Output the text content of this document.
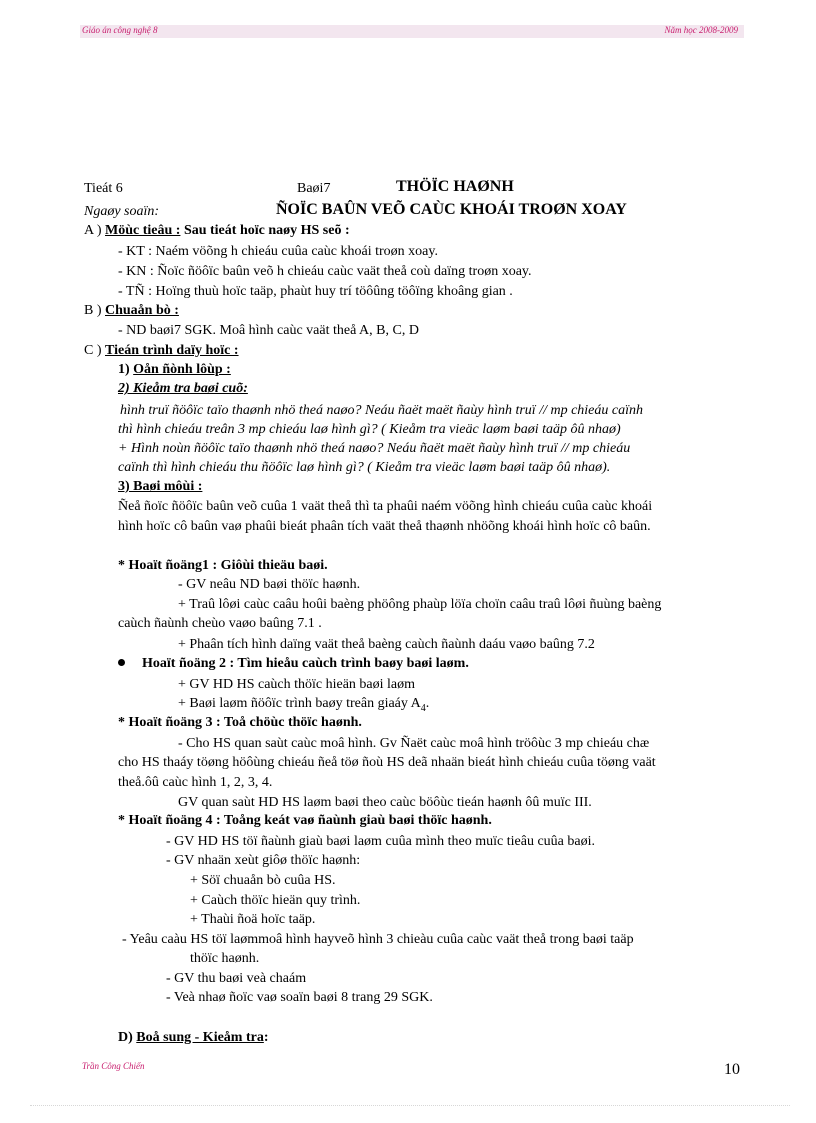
Giáo án công nghệ 8	Năm học 2008-2009
Tieát 6	Baøi7	THÖÏC HAØNH
Ngaøy soaïn:	ÑOÏC BAÛN VEÕ CAÙC KHOÁI TROØN XOAY
A ) Möùc tieâu : Sau tieát hoïc naøy HS seõ :
- KT : Naém vöõng h chieáu cuûa caùc khoái troøn xoay.
- KN : Ñoïc ñöôïc baûn veõ h chieáu caùc vaät theå coù daïng troøn xoay.
- TÑ : Hoïng thuù hoïc taäp, phaùt huy trí töôûng töôïng khoâng gian .
B ) Chuaån bò :
- ND baøi7 SGK. Moâ hình caùc vaät theå A, B, C, D
C ) Tieán trình daïy hoïc :
1) Oån ñònh lôùp :
2) Kieåm tra baøi cuõ:
hình truï ñöôïc taïo thaønh nhö theá naøo? Neáu ñaët maët ñaùy hình truï // mp chieáu caïnh
thì hình chieáu treân 3 mp chieáu laø hình gì? ( Kieåm tra vieäc laøm baøi taäp ôû nhaø)
+ Hình noùn ñöôïc taïo thaønh nhö theá naøo? Neáu ñaët maët ñaùy hình truï // mp chieáu
caïnh thì hình chieáu thu ñöôïc laø hình gì? ( Kieåm tra vieäc laøm baøi taäp ôû nhaø).
3) Baøi môùi :
Ñeå ñoïc ñöôïc baûn veõ cuûa 1 vaät theå thì ta phaûi naém vöõng hình chieáu cuûa caùc khoái
hình hoïc cô baûn vaø phaûi bieát phaân tích vaät theå thaønh nhöõng khoái hình hoïc cô baûn.
* Hoaït ñoäng1 : Giôùi thieäu baøi.
- GV neâu ND baøi thöïc haønh.
+ Traû lôøi caùc caâu hoûi baèng phöông phaùp löïa choïn caâu traû lôøi ñuùng baèng
caùch ñaùnh cheùo vaøo baûng 7.1 .
+ Phaân tích hình daïng vaät theå baèng caùch ñaùnh daáu vaøo baûng 7.2
Hoaït ñoäng 2 : Tìm hieåu caùch trình baøy baøi laøm.
+ GV HD HS caùch thöïc hieän baøi laøm
+ Baøi laøm ñöôïc trình baøy treân giaáy $A_4$.
* Hoaït ñoäng 3 : Toå chöùc thöïc haønh.
- Cho HS quan saùt caùc moâ hình. Gv Ñaët caùc moâ hình tröôùc 3 mp chieáu chæ
cho HS thaáy töøng höôùng chieáu ñeå töø ñoù HS deã nhaän bieát hình chieáu cuûa töøng vaät
theå.ôû caùc hình 1, 2, 3, 4.
GV quan saùt HD HS laøm baøi theo caùc böôùc tieán haønh ôû muïc III.
* Hoaït ñoäng 4 : Toång keát vaø ñaùnh giaù baøi thöïc haønh.
- GV HD HS töï ñaùnh giaù baøi laøm cuûa mình theo muïc tieâu cuûa baøi.
- GV nhaän xeùt giôø thöïc haønh:
+ Söï chuaån bò cuûa HS.
+ Caùch thöïc hieän quy trình.
+ Thaùi ñoä hoïc taäp.
- Yeâu caàu HS töï laømmoâ hình hayveõ hình 3 chieàu cuûa caùc vaät theå trong baøi taäp
thöïc haønh.
- GV thu baøi veà chaám
- Veà nhaø ñoïc vaø soaïn baøi 8 trang 29 SGK.
D) Boå sung - Kieåm tra:
Trần Công Chiến	10
